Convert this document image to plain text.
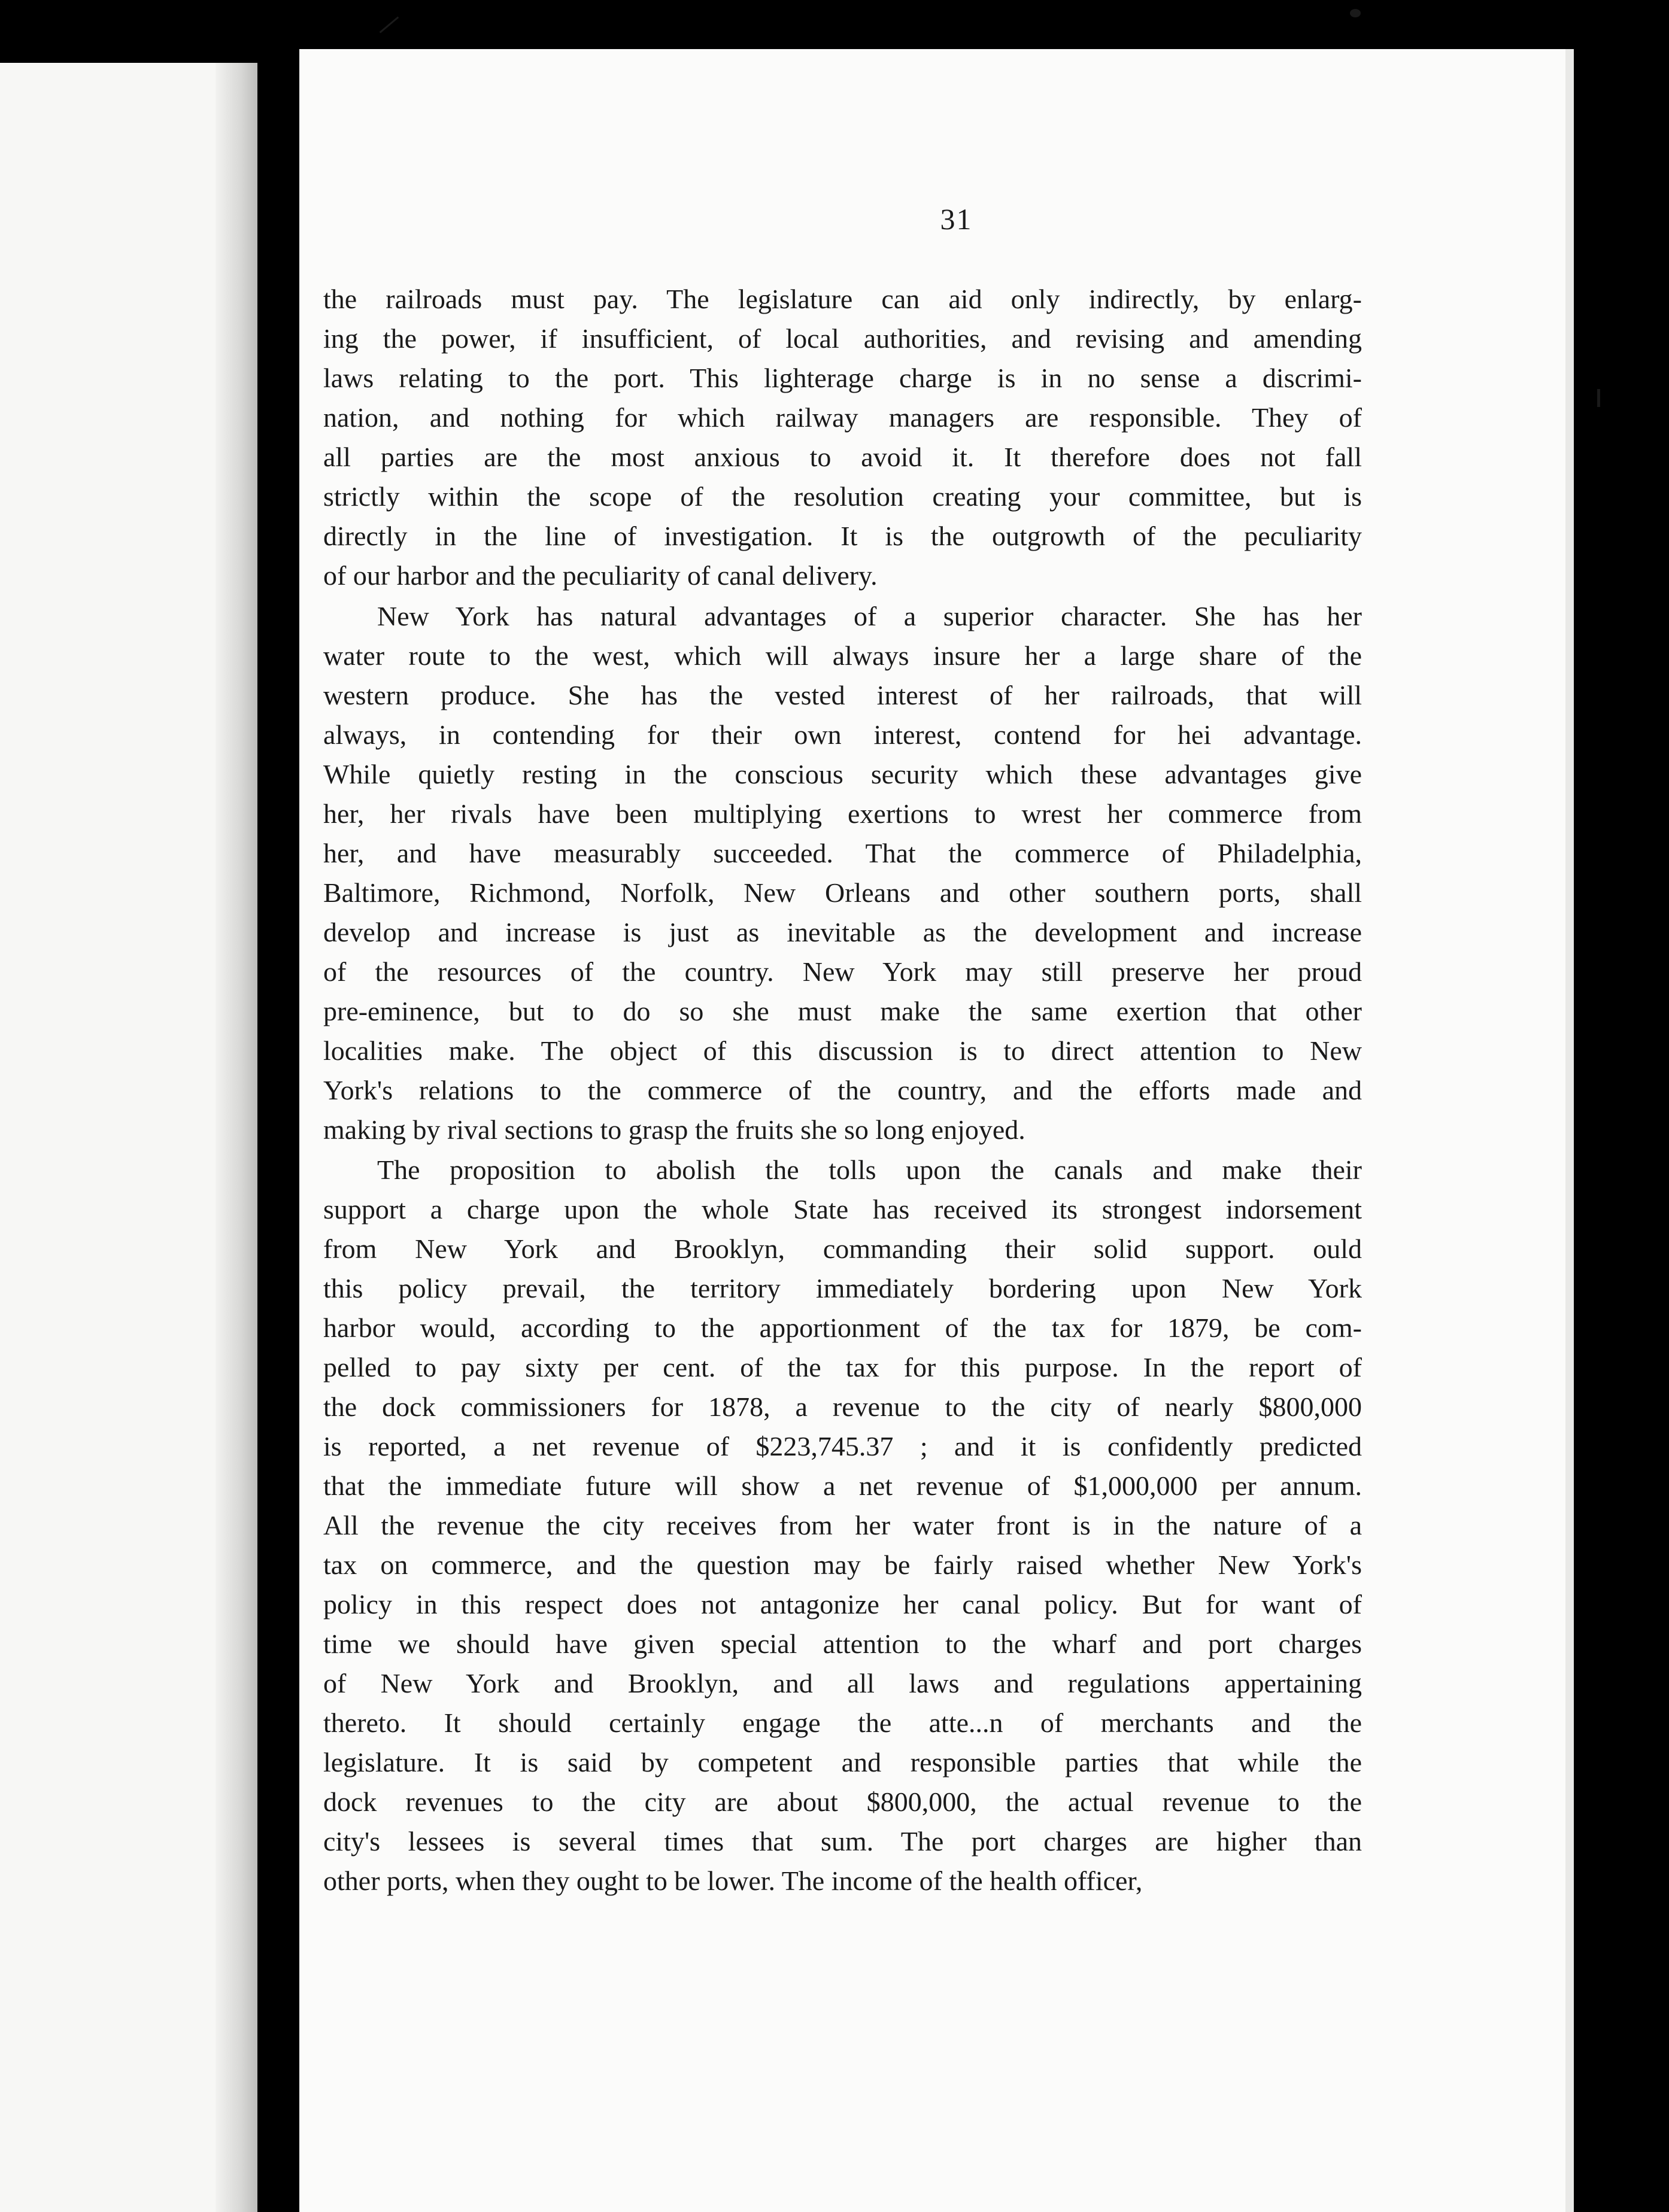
31
the railroads must pay. The legislature can aid only indirectly, by enlarg-
ing the power, if insufficient, of local authorities, and revising and amending
laws relating to the port. This lighterage charge is in no sense a discrimi-
nation, and nothing for which railway managers are responsible. They of
all parties are the most anxious to avoid it. It therefore does not fall
strictly within the scope of the resolution creating your committee, but is
directly in the line of investigation. It is the outgrowth of the peculiarity
of our harbor and the peculiarity of canal delivery.
New York has natural advantages of a superior character. She has her
water route to the west, which will always insure her a large share of the
western produce. She has the vested interest of her railroads, that will
always, in contending for their own interest, contend for hei advantage.
While quietly resting in the conscious security which these advantages give
her, her rivals have been multiplying exertions to wrest her commerce from
her, and have measurably succeeded. That the commerce of Philadelphia,
Baltimore, Richmond, Norfolk, New Orleans and other southern ports, shall
develop and increase is just as inevitable as the development and increase
of the resources of the country. New York may still preserve her proud
pre-eminence, but to do so she must make the same exertion that other
localities make. The object of this discussion is to direct attention to New
York's relations to the commerce of the country, and the efforts made and
making by rival sections to grasp the fruits she so long enjoyed.
The proposition to abolish the tolls upon the canals and make their
support a charge upon the whole State has received its strongest indorsement
from New York and Brooklyn, commanding their solid support. ould
this policy prevail, the territory immediately bordering upon New York
harbor would, according to the apportionment of the tax for 1879, be com-
pelled to pay sixty per cent. of the tax for this purpose. In the report of
the dock commissioners for 1878, a revenue to the city of nearly $800,000
is reported, a net revenue of $223,745.37 ; and it is confidently predicted
that the immediate future will show a net revenue of $1,000,000 per annum.
All the revenue the city receives from her water front is in the nature of a
tax on commerce, and the question may be fairly raised whether New York's
policy in this respect does not antagonize her canal policy. But for want of
time we should have given special attention to the wharf and port charges
of New York and Brooklyn, and all laws and regulations appertaining
thereto. It should certainly engage the atte...n of merchants and the
legislature. It is said by competent and responsible parties that while the
dock revenues to the city are about $800,000, the actual revenue to the
city's lessees is several times that sum. The port charges are higher than
other ports, when they ought to be lower. The income of the health officer,
